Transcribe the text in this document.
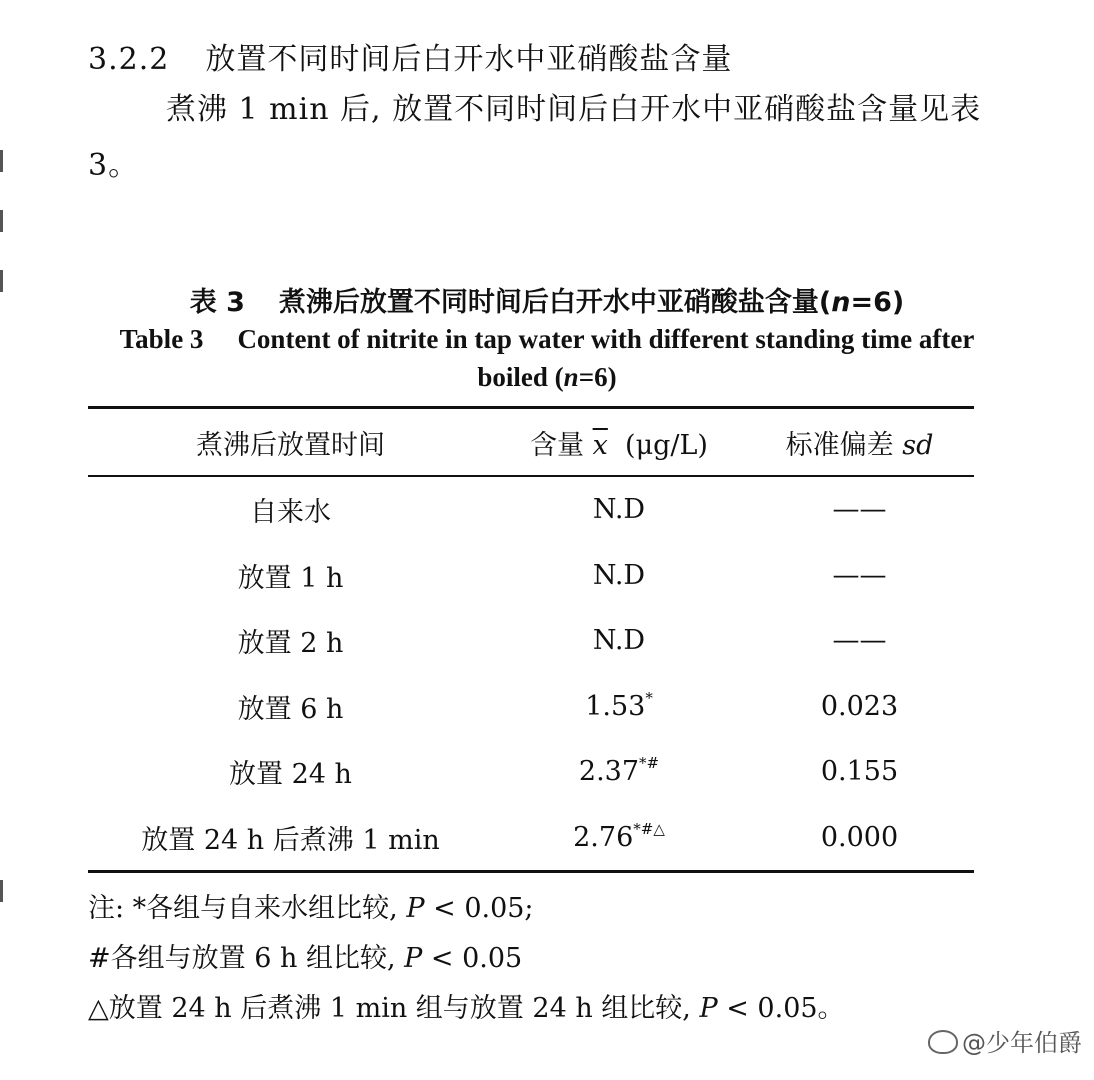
3.2.2 放置不同时间后白开水中亚硝酸盐含量
煮沸 1 min 后, 放置不同时间后白开水中亚硝酸盐含量见表 3。
表 3 煮沸后放置不同时间后白开水中亚硝酸盐含量(n=6)
Table 3 Content of nitrite in tap water with different standing time after boiled (n=6)
煮沸后放置时间	含量 $\overline{x}$ (μg/L)	标准偏差 sd
自来水	N.D	——
放置 1 h	N.D	——
放置 2 h	N.D	——
放置 6 h	1.53*	0.023
放置 24 h	2.37*#	0.155
放置 24 h 后煮沸 1 min	2.76*#△	0.000
注: *各组与自来水组比较, P < 0.05;
#各组与放置 6 h 组比较, P < 0.05
△放置 24 h 后煮沸 1 min 组与放置 24 h 组比较, P < 0.05。
@少年伯爵
